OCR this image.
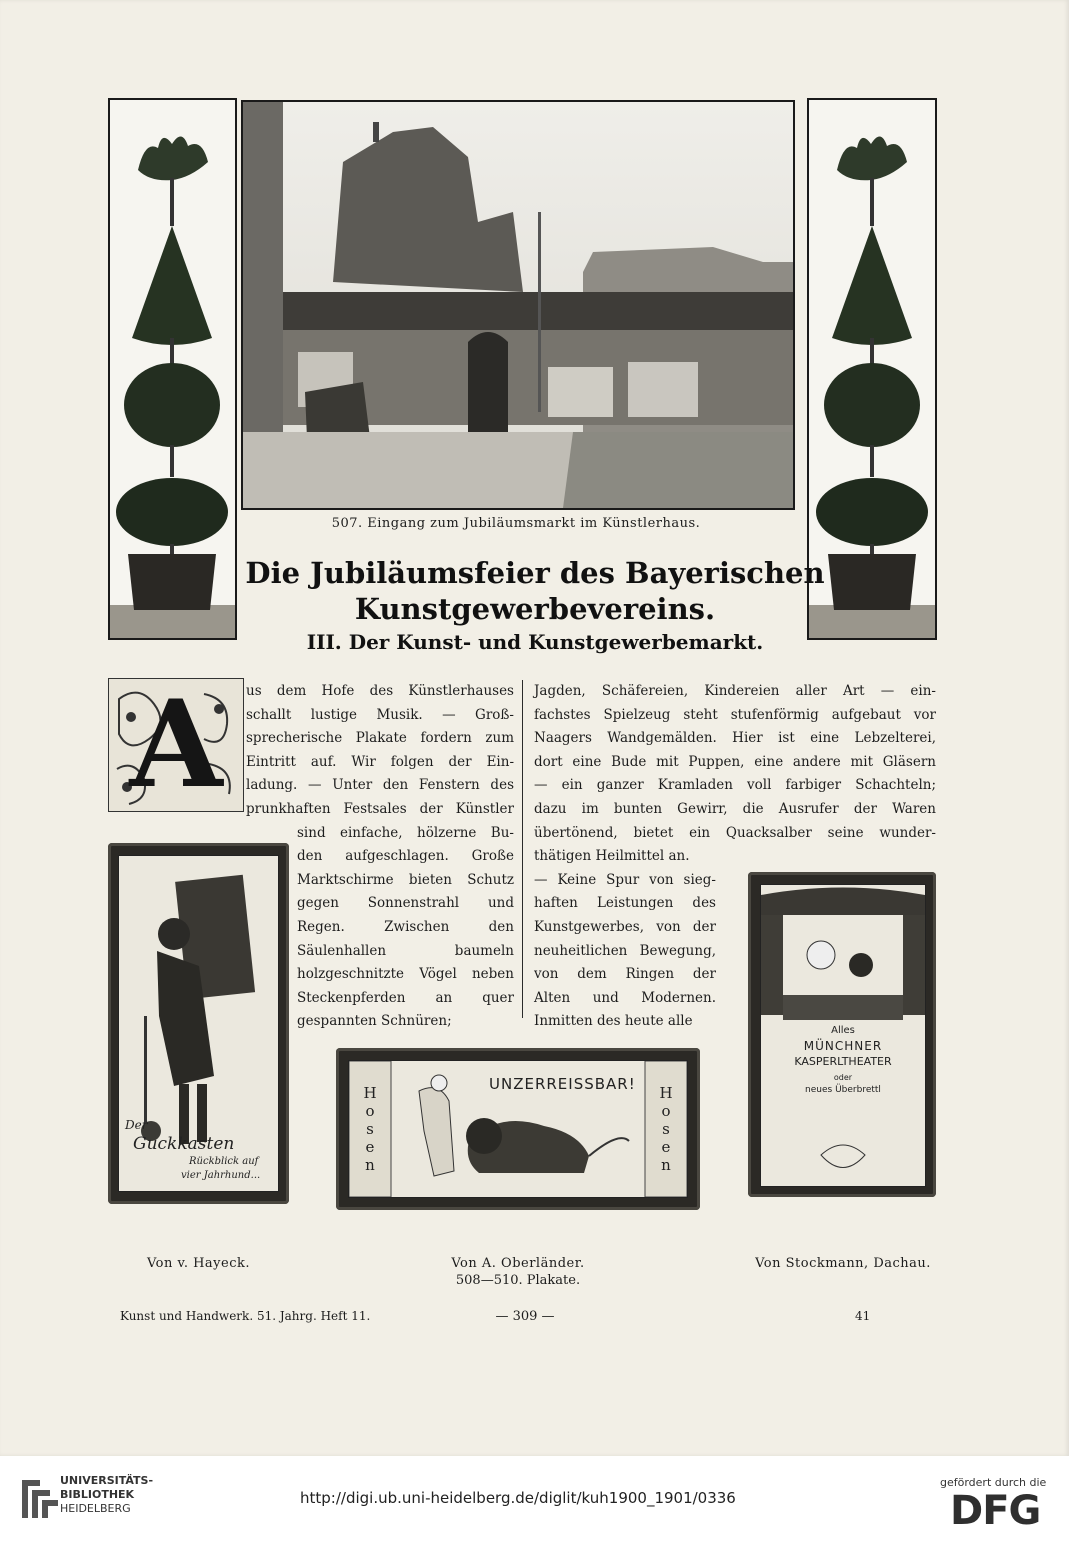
507. Eingang zum Jubiläumsmarkt im Künstlerhaus.
Die Jubiläumsfeier des Bayerischen
Kunstgewerbevereins.
III. Der Kunst- und Kunstgewerbemarkt.
A	us dem Hofe des Künstlerhauses
schallt lustige Musik. — Groß-
sprecherische Plakate fordern zum
Eintritt auf. Wir folgen der Ein-
ladung. — Unter den Fenstern des
prunkhaften Festsales der Künstler
sind einfache, hölzerne Bu-
den aufgeschlagen. Große
Marktschirme bieten Schutz
gegen Sonnenstrahl und
Regen. Zwischen den
Säulenhallen baumeln
holzgeschnitzte Vögel neben
Steckenpferden an quer
gespannten Schnüren;
Jagden, Schäfereien, Kindereien aller Art — ein-
fachstes Spielzeug steht stufenförmig aufgebaut vor
Naagers Wandgemälden. Hier ist eine Lebzelterei,
dort eine Bude mit Puppen, eine andere mit Gläsern
— ein ganzer Kramladen voll farbiger Schachteln;
dazu im bunten Gewirr, die Ausrufer der Waren
übertönend, bietet ein Quacksalber seine wunder-
thätigen Heilmittel an.
— Keine Spur von sieg-
haften Leistungen des
Kunstgewerbes, von der
neuheitlichen Bewegung,
von dem Ringen der
Alten und Modernen.
Inmitten des heute alle
Der
Guckkasten
Rückblick auf
vier Jahrhund...
UNZERREISSBAR!
Hosen	Hosen
Alles
MÜNCHNER
KASPERLTHEATER
oder
neues Überbrettl
Von v. Hayeck.	Von A. Oberländer.	Von Stockmann, Dachau.
508—510. Plakate.
Kunst und Handwerk. 51. Jahrg. Heft 11.	— 309 —	41
UNIVERSITÄTS-
BIBLIOTHEK
HEIDELBERG
gefördert durch die
DFG
http://digi.ub.uni-heidelberg.de/diglit/kuh1900_1901/0336
